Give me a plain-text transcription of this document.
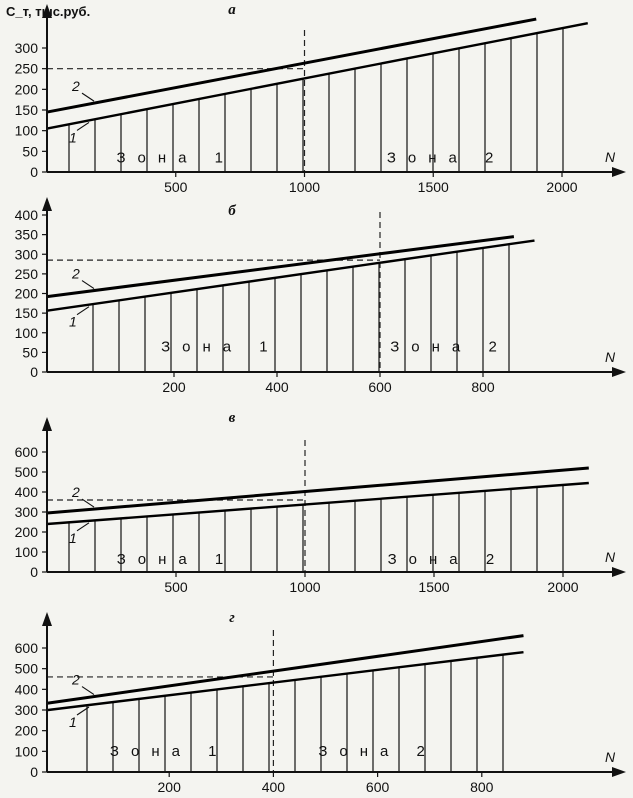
2
1
Зона 1	Зона 2
0
50
100
150
200
250
300
500	1000	1500	2000
N
а
C_т, тыс.руб.
2
1
Зона 1	Зона 2
0
50
100
150
200
250
300
350
400
200	400	600	800
N
б
2
1
Зона 1	Зона 2
0
100
200
300
400
500
600
500	1000	1500	2000
N
в
2
1
Зона 1	Зона 2
0
100
200
300
400
500
600
200	400	600	800
N
г
